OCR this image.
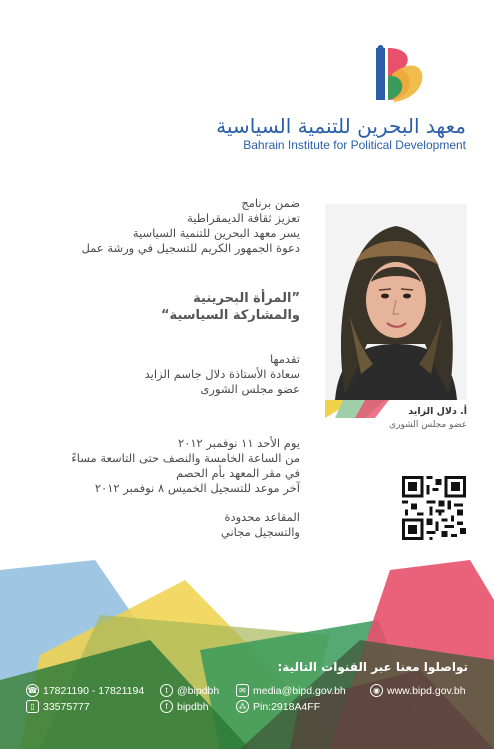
معهد البحرين للتنمية السياسية
Bahrain Institute for Political Development
ضمن برنامج
تعزيز ثقافة الديمقراطية
يسر معهد البحرين للتنمية السياسية
دعوة الجمهور الكريم للتسجيل في ورشة عمل
”المرأة البحرينية
والمشاركة السياسية“
تقدمها
سعادة الأستاذة دلال جاسم الزايد
عضو مجلس الشورى
يوم الأحد ١١ نوفمبر ٢٠١٢
من الساعة الخامسة والنصف حتى التاسعة مساءً
في مقر المعهد بأم الحصم
آخر موعد للتسجيل الخميس ٨ نوفمبر ٢٠١٢
المقاعد محدودة
والتسجيل مجاني
أ. دلال الزايد
عضو مجلس الشورى
تواصلوا معنا عبر القنوات التالية:
☎ 17821190 - 17821194
▯ 33575777
t @bipdbh
f bipdbh
✉ media@bipd.gov.bh
⁂ Pin:2918A4FF
◉ www.bipd.gov.bh
